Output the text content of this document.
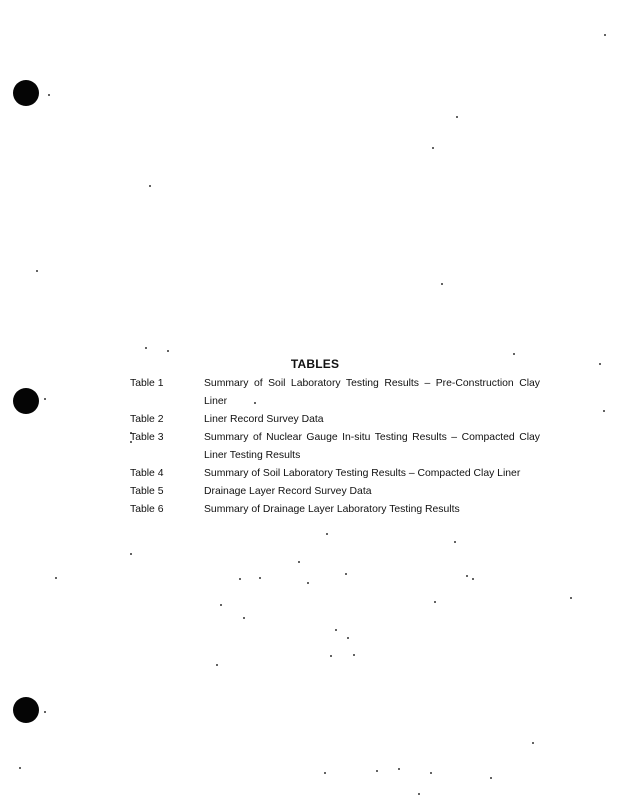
TABLES
Table 1	Summary of Soil Laboratory Testing Results – Pre-Construction Clay Liner
Table 2	Liner Record Survey Data
Table 3	Summary of Nuclear Gauge In-situ Testing Results – Compacted Clay Liner Testing Results
Table 4	Summary of Soil Laboratory Testing Results – Compacted Clay Liner
Table 5	Drainage Layer Record Survey Data
Table 6	Summary of Drainage Layer Laboratory Testing Results
